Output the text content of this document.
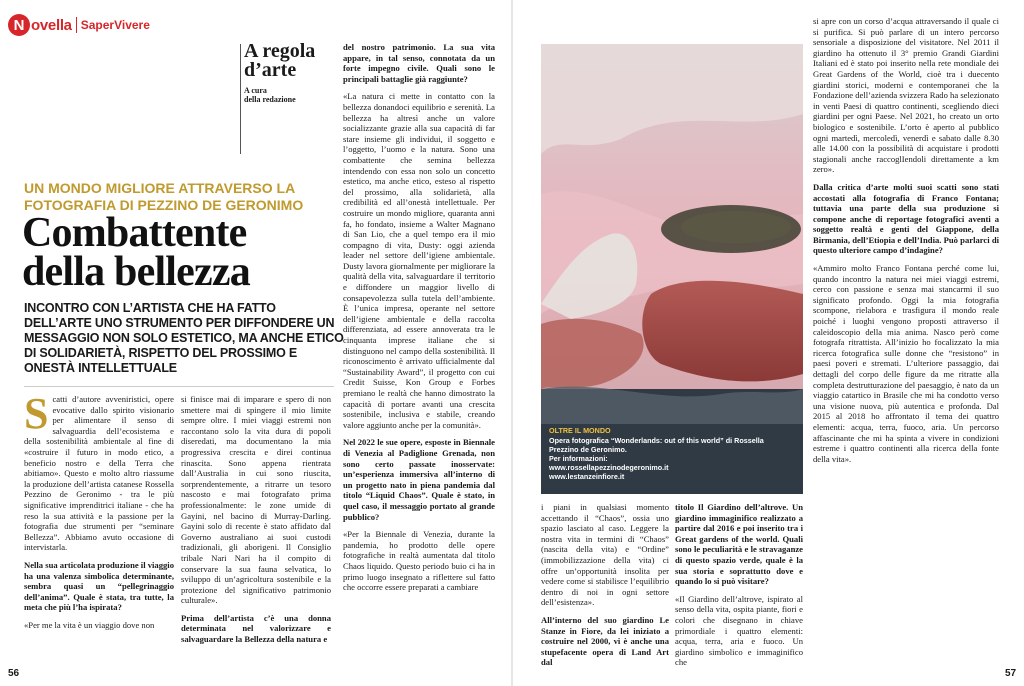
N ovella SaperVivere
A regola
d’arte
A cura
della redazione
UN MONDO MIGLIORE ATTRAVERSO LA FOTOGRAFIA DI PEZZINO DE GERONIMO
Combattente
della bellezza
INCONTRO CON L’ARTISTA CHE HA FATTO DELL’ARTE UNO STRUMENTO PER DIFFONDERE UN MESSAGGIO NON SOLO ESTETICO, MA ANCHE ETICO DI SOLIDARIETÀ, RISPETTO DEL PROSSIMO E ONESTÀ INTELLETTUALE

Scatti d’autore avveniristici, opere evocative dallo spirito visionario per alimentare il senso di salvaguardia dell’ecosistema e della sostenibilità ambientale al fine di «costruire il futuro in modo etico, a beneficio nostro e della Terra che abitiamo». Questo e molto altro riassume la produzione dell’artista catanese Rossella Pezzino de Geronimo - tra le più significative imprenditrici italiane - che ha reso la sua attività e la passione per la fotografia due strumenti per “seminare Bellezza”. Abbiamo avuto occasione di intervistarla.

Nella sua articolata produzione il viaggio ha una valenza simbolica determinante, sembra quasi un “pellegrinaggio dell’anima”. Quale è stata, tra tutte, la meta che più l’ha ispirata?

«Per me la vita è un viaggio dove non

si finisce mai di imparare e spero di non smettere mai di spingere il mio limite sempre oltre. I miei viaggi estremi non raccontano solo la vita dura di popoli diseredati, ma documentano la mia progressiva crescita e direi continua rinascita. Sono appena rientrata dall’Australia in cui sono riuscita, sorprendentemente, a ritrarre un tesoro nascosto e mai fotografato prima professionalmente: le zone umide di Gayini, nel bacino di Murray-Darling. Gayini solo di recente è stato affidato dal Governo australiano ai suoi custodi tradizionali, gli aborigeni. Il Consiglio tribale Nari Nari ha il compito di conservare la sua fauna selvatica, lo sviluppo di un’agricoltura sostenibile e la protezione del significativo patrimonio culturale».

Prima dell’artista c’è una donna determinata nel valorizzare e salvaguardare la Bellezza della natura e

del nostro patrimonio. La sua vita appare, in tal senso, connotata da un forte impegno civile. Quali sono le principali battaglie già raggiunte?

«La natura ci mette in contatto con la bellezza donandoci equilibrio e serenità. La bellezza ha altresì anche un valore socializzante grazie alla sua capacità di far stare insieme gli individui, il soggetto e l’oggetto, l’uomo e la natura. Sono una combattente che semina bellezza intendendo con essa non solo un concetto estetico, ma anche etico, esteso al rispetto del prossimo, alla solidarietà, alla credibilità ed all’onestà intellettuale. Per costruire un mondo migliore, quaranta anni fa, ho fondato, insieme a Walter Magnano di San Lio, che a quel tempo era il mio compagno di vita, Dusty: oggi azienda leader nel settore dell’igiene ambientale. Dusty lavora giornalmente per migliorare la qualità della vita, salvaguardare il territorio e diffondere un maggior livello di consapevolezza sulla tutela dell’ambiente. È l’unica impresa, operante nel settore dell’igiene ambientale e della raccolta differenziata, ad essere annoverata tra le cinquanta imprese italiane che si distinguono nel campo della sostenibilità. Il riconoscimento è arrivato ufficialmente dal “Sustainability Award”, il progetto con cui Credit Suisse, Kon Group e Forbes premiano le realtà che hanno dimostrato la capacità di portare avanti una crescita sostenibile, inclusiva e stabile, creando valore aggiunto anche per la comunità».

Nel 2022 le sue opere, esposte in Biennale di Venezia al Padiglione Grenada, non sono certo passate inosservate: un’esperienza immersiva all’interno di un progetto nato in piena pandemia dal titolo “Liquid Chaos”. Quale è stato, in quel caso, il messaggio portato al grande pubblico?

«Per la Biennale di Venezia, durante la pandemia, ho prodotto delle opere fotografiche in realtà aumentata dal titolo Chaos liquido. Questo periodo buio ci ha in primo luogo insegnato a riflettere sul fatto che occorre essere preparati a cambiare

56
OLTRE IL MONDO
Opera fotografica “Wonderlands: out of this world” di Rossella Prezzino de Geronimo.
Per informazioni:
www.rossellapezzinodegeronimo.it
www.lestanzeinfiore.it

i piani in qualsiasi momento accettando il “Chaos”, ossia uno spazio lasciato al caso. Leggere la nostra vita in termini di “Chaos” (nascita della vita) e “Ordine” (immobilizzazione della vita) ci offre un’opportunità insolita per vedere come si stabilisce l’equilibrio dentro di noi in ogni settore dell’esistenza».

All’interno del suo giardino Le Stanze in Fiore, da lei iniziato a costruire nel 2000, vi è anche una stupefacente opera di Land Art dal

titolo Il Giardino dell’altrove. Un giardino immaginifico realizzato a partire dal 2016 e poi inserito tra i Great gardens of the world. Quali sono le peculiarità e le stravaganze di questo spazio verde, quale è la sua storia e soprattutto dove e quando lo si può visitare?

«Il Giardino dell’altrove, ispirato al senso della vita, ospita piante, fiori e colori che disegnano in chiave primordiale i quattro elementi: acqua, terra, aria e fuoco. Un giardino simbolico e immaginifico che

si apre con un corso d’acqua attraversando il quale ci si purifica. Si può parlare di un intero percorso sensoriale a disposizione del visitatore. Nel 2011 il giardino ha ottenuto il 3° premio Grandi Giardini Italiani ed è stato poi inserito nella rete mondiale dei Great Gardens of the World, cioè tra i duecento giardini storici, moderni e contemporanei che la Fondazione dell’azienda svizzera Rado ha selezionato in venti Paesi di quattro continenti, scegliendo dieci giardini per ogni Paese. Nel 2021, ho creato un orto biologico e sostenibile. L’orto è aperto al pubblico ogni martedì, mercoledì, venerdì e sabato dalle 8.30 alle 14.00 con la possibilità di acquistare i prodotti stagionali anche raccoglIendoli direttamente a km zero».

Dalla critica d’arte molti suoi scatti sono stati accostati alla fotografia di Franco Fontana; tuttavia una parte della sua produzione si compone anche di reportage fotografici aventi a soggetto realtà e genti del Giappone, della Birmania, dell’Etiopia e dell’India. Può parlarci di questo ulteriore campo d’indagine?

«Ammiro molto Franco Fontana perché come lui, quando incontro la natura nei miei viaggi estremi, cerco con passione e senza mai stancarmi il suo significato profondo. Oggi la mia fotografia scompone, rielabora e trasfigura il mondo reale poiché i luoghi vengono proposti attraverso il caleidoscopio della mia anima. Nasco però come fotografa ritrattista. All’inizio ho focalizzato la mia ricerca fotografica sulle donne che “resistono” in paesi poveri e stremati. L’ulteriore passaggio, dai dettagli del corpo delle figure da me ritratte alla completa destrutturazione del paesaggio, è nato da un viaggio catartico in Brasile che mi ha condotto verso una visione nuova, più autentica e profonda. Dal 2015 al 2018 ho affrontato il tema dei quattro elementi: acqua, terra, fuoco, aria. Un percorso affascinante che mi ha spinta a vivere in condizioni estreme i quattro continenti alla ricerca della fonte della vita».

57
